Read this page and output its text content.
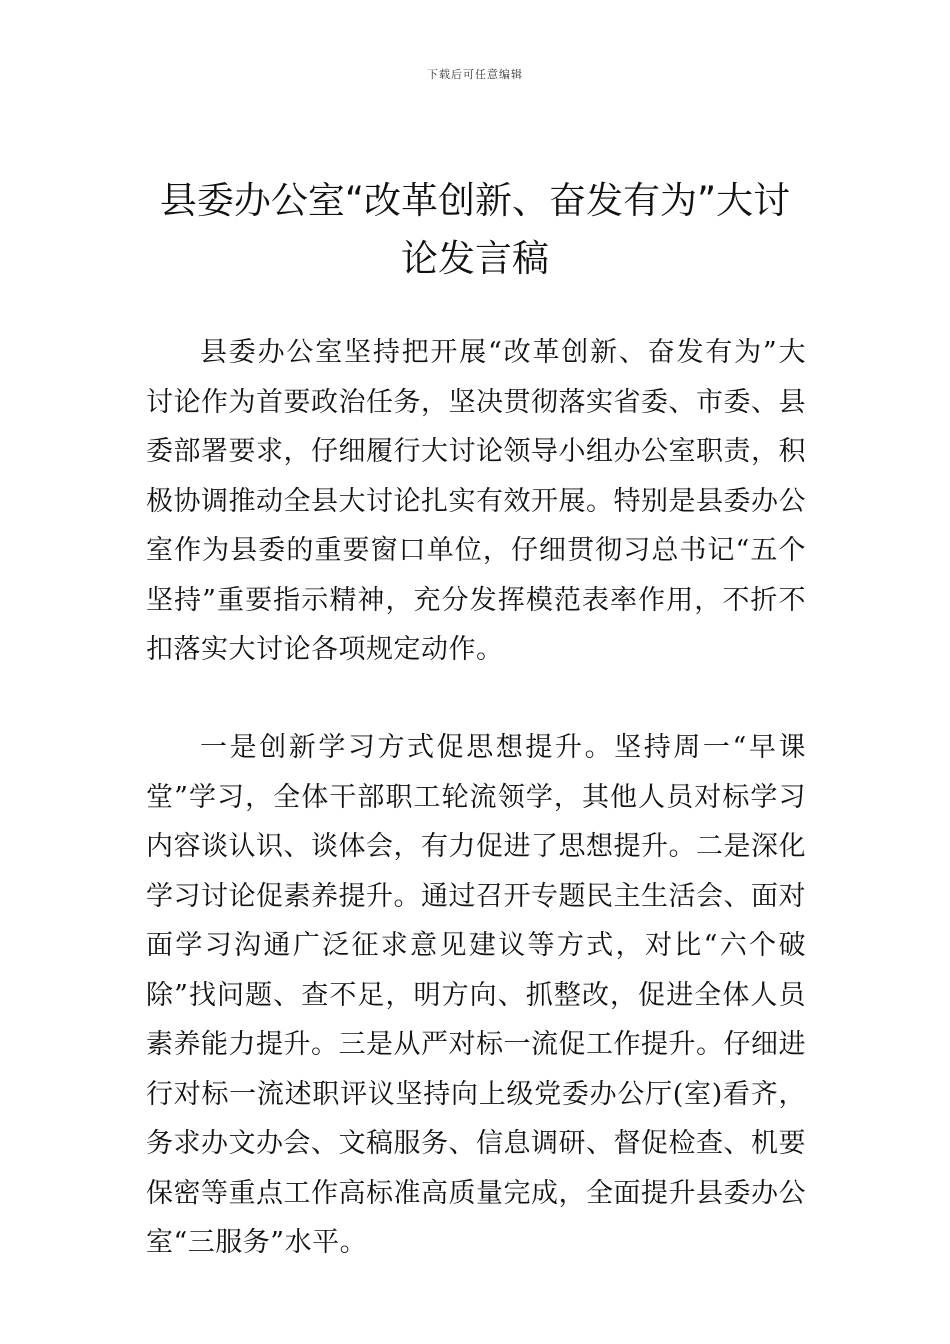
下载后可任意编辑
县委办公室“改革创新、奋发有为”大讨论发言稿

县委办公室坚持把开展“改革创新、奋发有为”大讨论作为首要政治任务，坚决贯彻落实省委、市委、县委部署要求，仔细履行大讨论领导小组办公室职责，积极协调推动全县大讨论扎实有效开展。特别是县委办公室作为县委的重要窗口单位，仔细贯彻习总书记“五个坚持”重要指示精神，充分发挥模范表率作用，不折不扣落实大讨论各项规定动作。

一是创新学习方式促思想提升。坚持周一“早课堂”学习，全体干部职工轮流领学，其他人员对标学习内容谈认识、谈体会，有力促进了思想提升。二是深化学习讨论促素养提升。通过召开专题民主生活会、面对面学习沟通广泛征求意见建议等方式，对比“六个破除”找问题、查不足，明方向、抓整改，促进全体人员素养能力提升。三是从严对标一流促工作提升。仔细进行对标一流述职评议坚持向上级党委办公厅(室)看齐，务求办文办会、文稿服务、信息调研、督促检查、机要保密等重点工作高标准高质量完成，全面提升县委办公室“三服务”水平。
